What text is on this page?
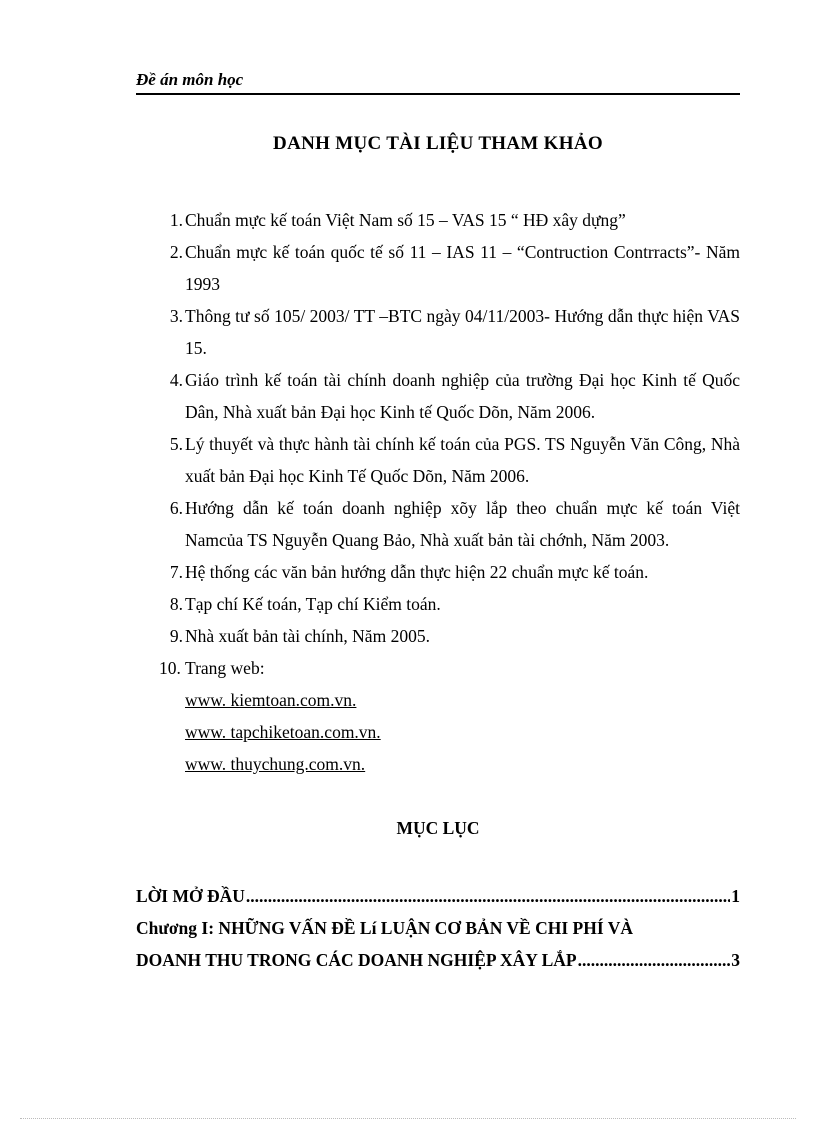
Đề án môn học
DANH MỤC TÀI LIỆU THAM KHẢO
1. Chuẩn mực kế toán Việt Nam số 15 – VAS 15 “ HĐ xây dựng”
2. Chuẩn mực kế toán quốc tế số 11 – IAS 11 – “Contruction Contrracts”- Năm 1993
3. Thông tư số 105/ 2003/ TT –BTC ngày 04/11/2003- Hướng dẫn thực hiện VAS 15.
4. Giáo trình kế toán tài chính doanh nghiệp của trường Đại học Kinh tế Quốc Dân, Nhà xuất bản Đại học Kinh tế Quốc Dõn, Năm 2006.
5. Lý thuyết và thực hành tài chính kế toán của PGS. TS Nguyễn Văn Công, Nhà xuất bản Đại học Kinh Tế Quốc Dõn, Năm 2006.
6. Hướng dẫn kế toán doanh nghiệp xõy lắp theo chuẩn mực kế toán Việt Namcủa TS Nguyễn Quang Bảo, Nhà xuất bản tài chớnh, Năm 2003.
7. Hệ thống các văn bản hướng dẫn thực hiện 22 chuẩn mực kế toán.
8. Tạp chí Kế toán, Tạp chí Kiểm toán.
9. Nhà xuất bản tài chính, Năm 2005.
10. Trang web:
www. kiemtoan.com.vn.
www. tapchiketoan.com.vn.
www. thuychung.com.vn.
MỤC LỤC
LỜI MỞ ĐẦU .....	1
Chương I: NHỮNG VẤN ĐỀ Lí LUẬN CƠ BẢN VỀ CHI PHÍ VÀ
DOANH THU TRONG CÁC DOANH NGHIỆP XÂY LẮP .....	3
